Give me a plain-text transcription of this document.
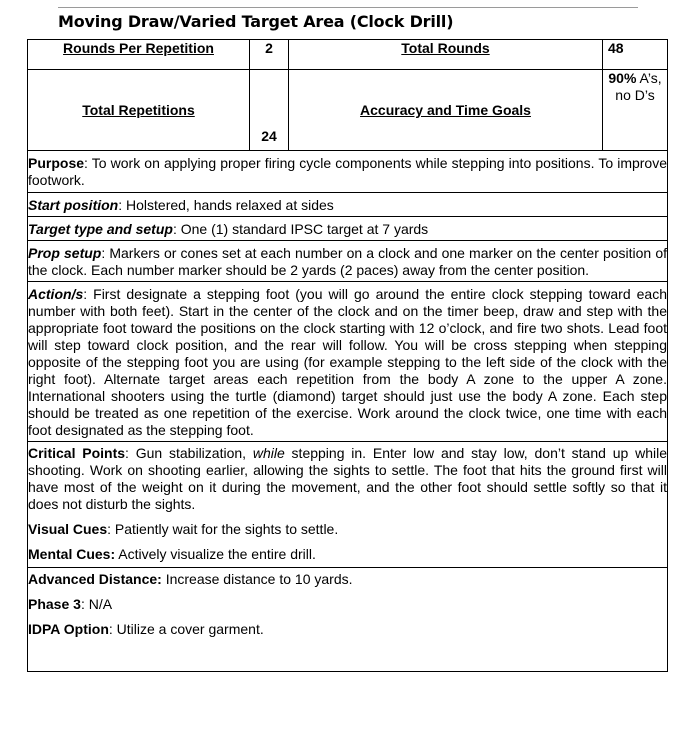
Moving Draw/Varied Target Area (Clock Drill)
Rounds Per Repetition	2	Total Rounds	48
Total Repetitions	24	Accuracy and Time Goals	90% A’s, no D’s

Purpose: To work on applying proper firing cycle components while stepping into positions. To improve footwork.			

Start position: Holstered, hands relaxed at sides			

Target type and setup: One (1) standard IPSC target at 7 yards			

Prop setup: Markers or cones set at each number on a clock and one marker on the center position of the clock. Each number marker should be 2 yards (2 paces) away from the center position.			

Action/s: First designate a stepping foot (you will go around the entire clock stepping toward each number with both feet). Start in the center of the clock and on the timer beep, draw and step with the appropriate foot toward the positions on the clock starting with 12 o’clock, and fire two shots. Lead foot will step toward clock position, and the rear will follow. You will be cross stepping when stepping opposite of the stepping foot you are using (for example stepping to the left side of the clock with the right foot). Alternate target areas each repetition from the body A zone to the upper A zone. International shooters using the turtle (diamond) target should just use the body A zone. Each step should be treated as one repetition of the exercise. Work around the clock twice, one time with each foot designated as the stepping foot.			

Critical Points: Gun stabilization, while stepping in. Enter low and stay low, don’t stand up while shooting. Work on shooting earlier, allowing the sights to settle. The foot that hits the ground first will have most of the weight on it during the movement, and the other foot should settle softly so that it does not disturb the sights.

Visual Cues: Patiently wait for the sights to settle.

Mental Cues: Actively visualize the entire drill.			

Advanced Distance: Increase distance to 10 yards.

Phase 3: N/A

IDPA Option: Utilize a cover garment.			
